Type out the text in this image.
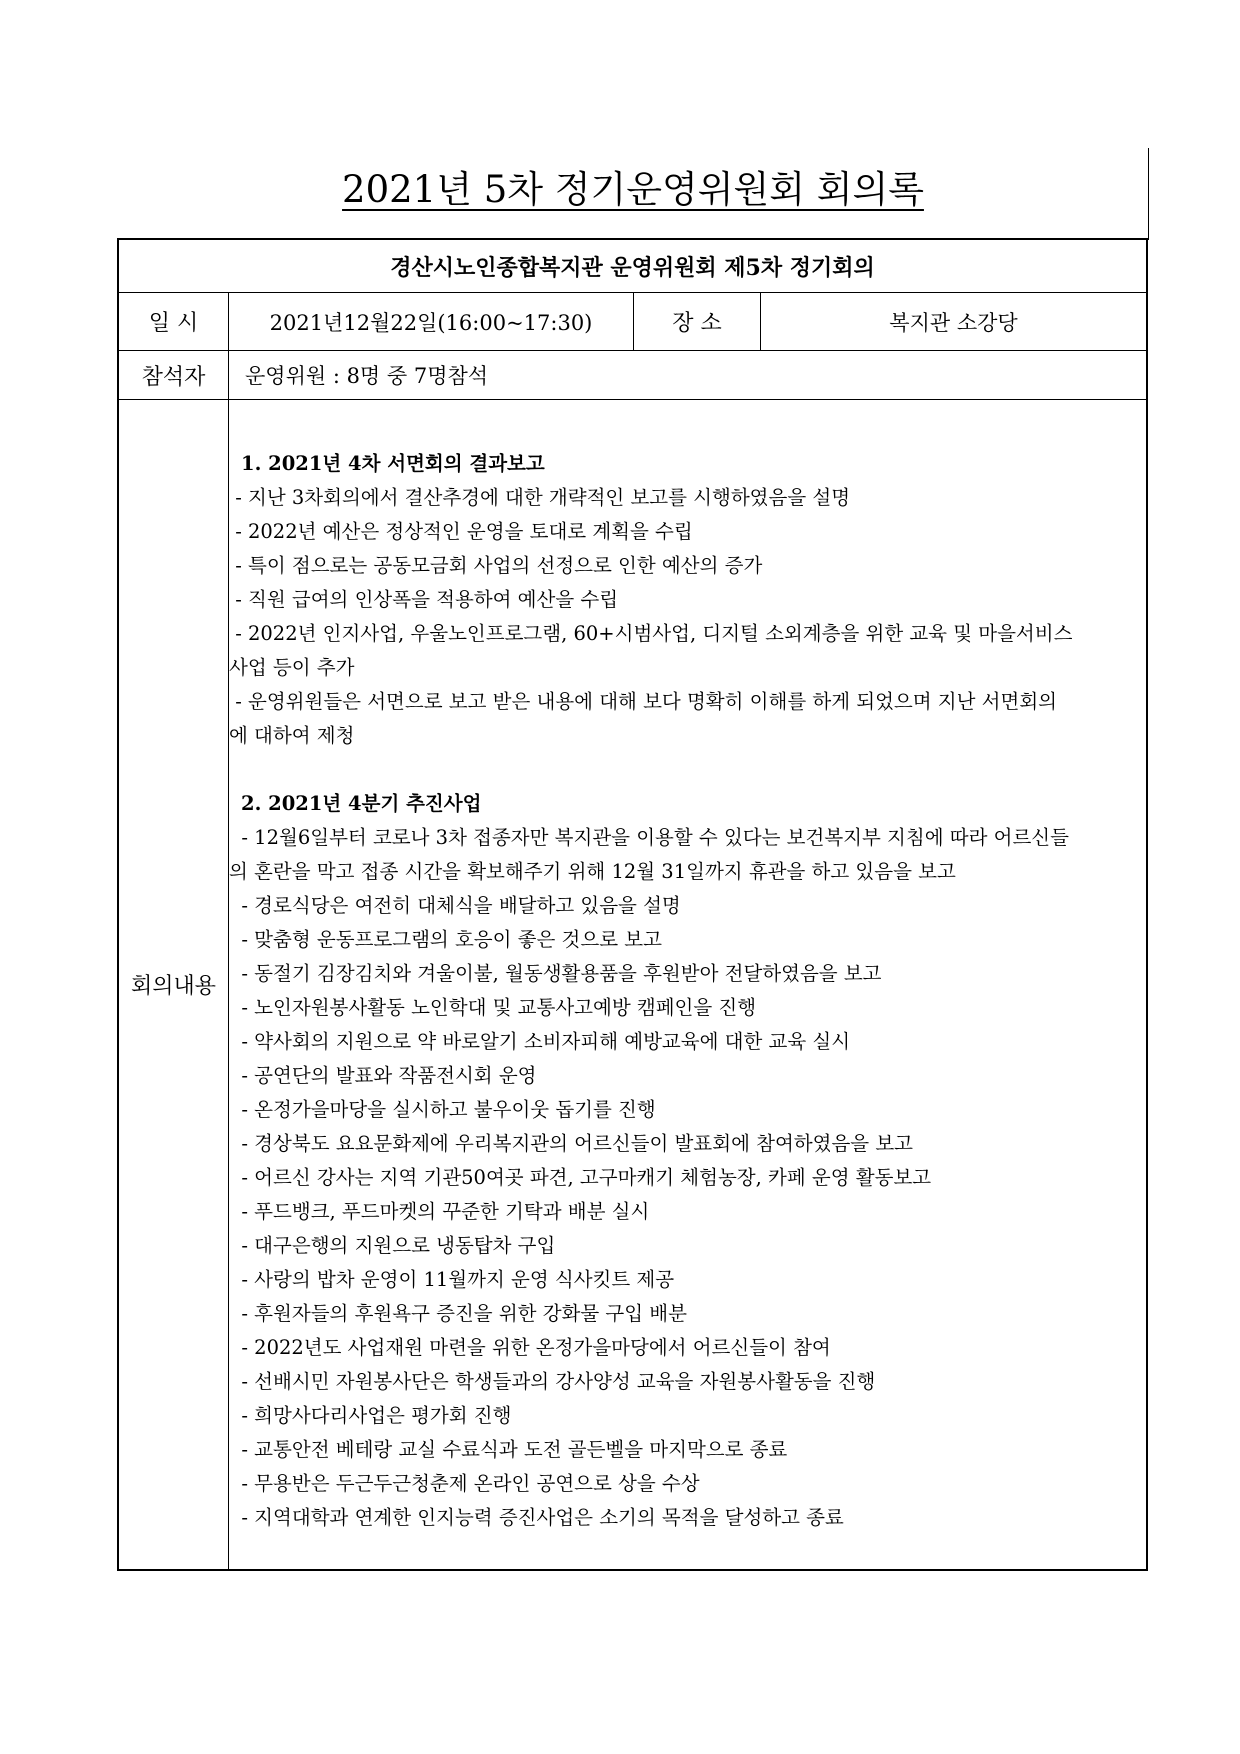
2021년 5차 정기운영위원회 회의록
경산시노인종합복지관 운영위원회 제5차 정기회의
일 시	2021년12월22일(16:00~17:30)	장 소	복지관 소강당
참석자	운영위원 : 8명 중 7명참석
회의내용
1. 2021년 4차 서면회의 결과보고
- 지난 3차회의에서 결산추경에 대한 개략적인 보고를 시행하였음을 설명
- 2022년 예산은 정상적인 운영을 토대로 계획을 수립
- 특이 점으로는 공동모금회 사업의 선정으로 인한 예산의 증가
- 직원 급여의 인상폭을 적용하여 예산을 수립
- 2022년 인지사업, 우울노인프로그램, 60+시범사업, 디지털 소외계층을 위한 교육 및 마을서비스
사업 등이 추가
- 운영위원들은 서면으로 보고 받은 내용에 대해 보다 명확히 이해를 하게 되었으며 지난 서면회의
에 대하여 제청
2. 2021년 4분기 추진사업
- 12월6일부터 코로나 3차 접종자만 복지관을 이용할 수 있다는 보건복지부 지침에 따라 어르신들
의 혼란을 막고 접종 시간을 확보해주기 위해 12월 31일까지 휴관을 하고 있음을 보고
- 경로식당은 여전히 대체식을 배달하고 있음을 설명
- 맞춤형 운동프로그램의 호응이 좋은 것으로 보고
- 동절기 김장김치와 겨울이불, 월동생활용품을 후원받아 전달하였음을 보고
- 노인자원봉사활동 노인학대 및 교통사고예방 캠페인을 진행
- 약사회의 지원으로 약 바로알기 소비자피해 예방교육에 대한 교육 실시
- 공연단의 발표와 작품전시회 운영
- 온정가을마당을 실시하고 불우이웃 돕기를 진행
- 경상북도 요요문화제에 우리복지관의 어르신들이 발표회에 참여하였음을 보고
- 어르신 강사는 지역 기관50여곳 파견, 고구마캐기 체험농장, 카페 운영 활동보고
- 푸드뱅크, 푸드마켓의 꾸준한 기탁과 배분 실시
- 대구은행의 지원으로 냉동탑차 구입
- 사랑의 밥차 운영이 11월까지 운영 식사킷트 제공
- 후원자들의 후원욕구 증진을 위한 강화물 구입 배분
- 2022년도 사업재원 마련을 위한 온정가을마당에서 어르신들이 참여
- 선배시민 자원봉사단은 학생들과의 강사양성 교육을 자원봉사활동을 진행
- 희망사다리사업은 평가회 진행
- 교통안전 베테랑 교실 수료식과 도전 골든벨을 마지막으로 종료
- 무용반은 두근두근청춘제 온라인 공연으로 상을 수상
- 지역대학과 연계한 인지능력 증진사업은 소기의 목적을 달성하고 종료
